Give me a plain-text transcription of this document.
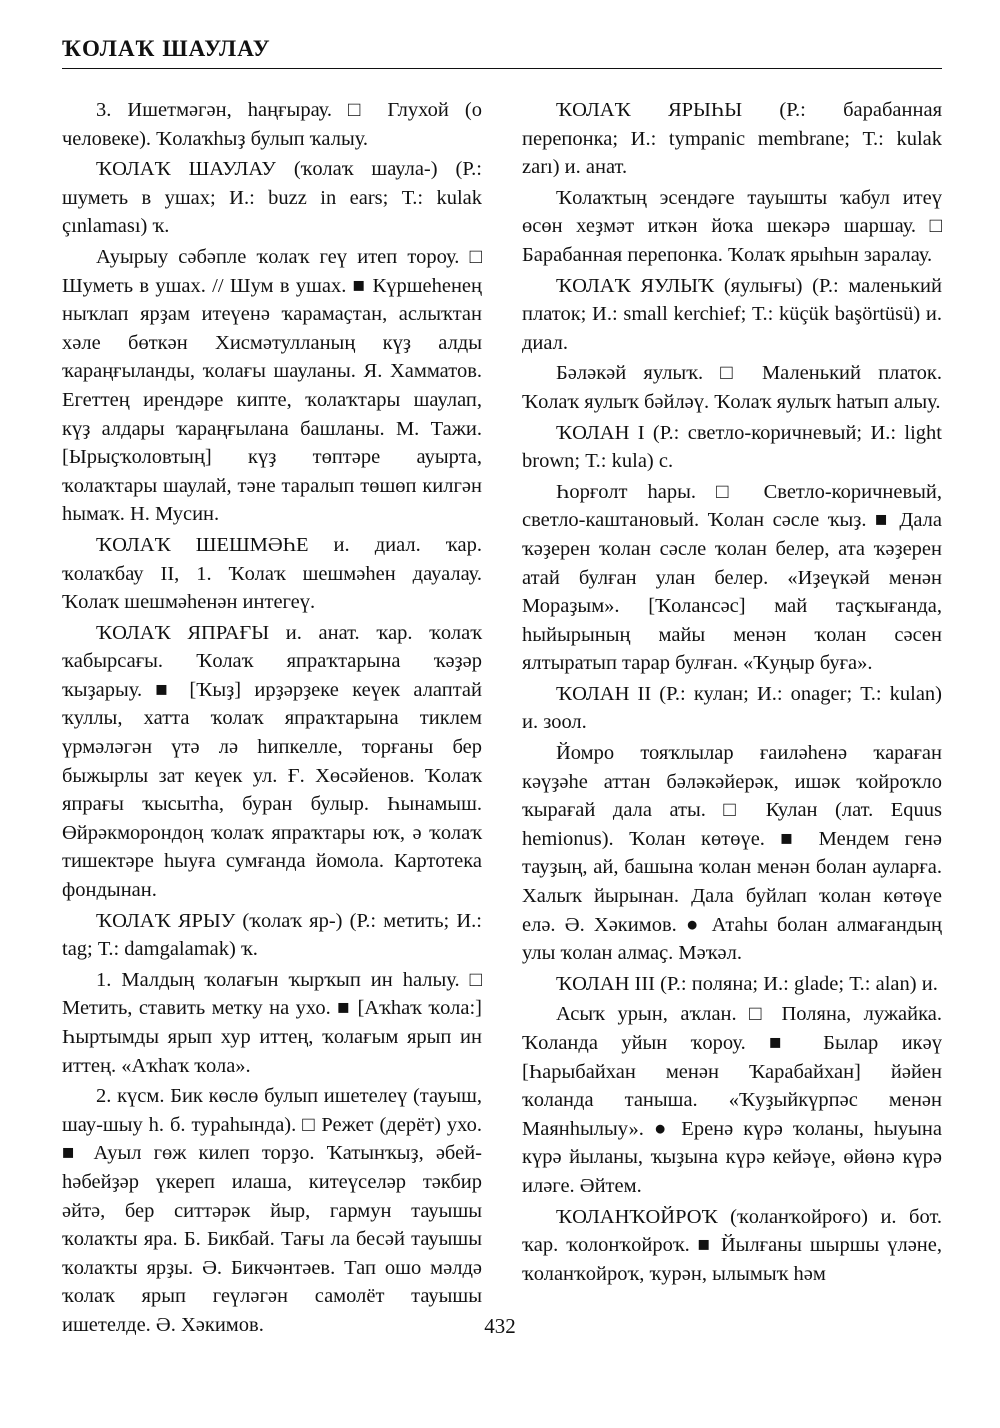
ҠОЛАҠ ШАУЛАУ

3. Ишетмәгән, һаңғырау. □ Глухой (о человеке). Ҡолаҡһыҙ булып ҡалыу.

ҠОЛАҠ ШАУЛАУ (ҡолаҡ шаула-) (Р.: шуметь в ушах; И.: buzz in ears; Т.: kulak çınlaması) ҡ.

Ауырыу сәбәпле ҡолаҡ геү итеп тороу. □ Шуметь в ушах. // Шум в ушах. ■ Күршеһенең ныҡлап ярҙам итеүенә ҡарамаҫтан, аслыҡтан хәле бөткән Хисмәтулланың күҙ алды ҡараңғыланды, ҡолағы шауланы. Я. Хамматов. Егеттең ирендәре кипте, ҡолаҡтары шаулап, күҙ алдары ҡараңғылана башланы. М. Тажи. [Ырыҫҡоловтың] күҙ төптәре ауырта, ҡолаҡтары шаулай, тәне таралып төшөп килгән һымаҡ. Н. Мусин.

ҠОЛАҠ ШЕШМӘҺЕ и. диал. ҡар. ҡолаҡбау II, 1. Ҡолаҡ шешмәһен дауалау. Ҡолаҡ шешмәһенән интегеү.

ҠОЛАҠ ЯПРАҒЫ и. анат. ҡар. ҡолаҡ ҡабырсағы. Ҡолаҡ япраҡтарына ҡәҙәр ҡыҙарыу. ■ [Ҡыҙ] ирҙәрҙеке кеүек алаптай ҡуллы, хатта ҡолаҡ япраҡтарына тиклем үрмәләгән үтә лә һипкелле, торғаны бер быжырлы зат кеүек ул. Ғ. Хөсәйенов. Ҡолаҡ япрағы ҡысытһа, буран булыр. Һынамыш. Өйрәкморондоң ҡолаҡ япраҡтары юҡ, ә ҡолаҡ тишектәре һыуға сумғанда йомола. Картотека фондынан.

ҠОЛАҠ ЯРЫУ (ҡолаҡ яр-) (Р.: метить; И.: tag; Т.: damgalamak) ҡ.

1. Малдың ҡолағын ҡырҡып ин һалыу. □ Метить, ставить метку на ухо. ■ [Аҡһаҡ ҡола:] Һыртымды ярып хур иттең, ҡолағым ярып ин иттең. «Аҡһаҡ ҡола».

2. күсм. Бик көслө булып ишетелеү (тауыш, шау-шыу һ. б. тураһында). □ Режет (дерёт) ухо. ■ Ауыл гөж килеп торҙо. Ҡатынҡыҙ, әбей-һәбейҙәр үкереп илаша, китеүселәр тәкбир әйтә, бер ситтәрәк йыр, гармун тауышы ҡолаҡты яра. Б. Бикбай. Тағы ла бесәй тауышы ҡолаҡты ярҙы. Ә. Бикчәнтәев. Тап ошо мәлдә ҡолаҡ ярып геүләгән самолёт тауышы ишетелде. Ә. Хәкимов.

ҠОЛАҠ ЯРЫҺЫ (Р.: барабанная перепонка; И.: tympanic membrane; Т.: kulak zarı) и. анат.

Ҡолаҡтың эсендәге тауышты ҡабул итеү өсөн хеҙмәт иткән йоҡа шекәрә шаршау. □ Барабанная перепонка. Ҡолаҡ ярыһын заралау.

ҠОЛАҠ ЯУЛЫҠ (яулығы) (Р.: маленький платок; И.: small kerchief; Т.: küçük başörtüsü) и. диал.

Бәләкәй яулыҡ. □ Маленький платок. Ҡолаҡ яулыҡ бәйләү. Ҡолаҡ яулыҡ һатып алыу.

ҠОЛАН I (Р.: светло-коричневый; И.: light brown; Т.: kula) с.

Һорғолт һары. □ Светло-коричневый, светло-каштановый. Ҡолан сәсле ҡыҙ. ■ Дала ҡәҙерен ҡолан сәсле ҡолан белер, ата ҡәҙерен атай булған улан белер. «Иҙеүкәй менән Мораҙым». [Ҡолансәс] май таҫҡығанда, һыйырының майы менән ҡолан сәсен ялтыратып тарар булған. «Ҡуңыр буға».

ҠОЛАН II (Р.: кулан; И.: onager; Т.: kulan) и. зоол.

Йомро тояҡлылар ғаиләһенә ҡараған кәүҙәһе аттан бәләкәйерәк, ишәк ҡойроҡло ҡырағай дала аты. □ Кулан (лат. Equus hemionus). Ҡолан көтөүе. ■ Мендем генә тауҙың, ай, башына ҡолан менән болан ауларға. Халыҡ йырынан. Дала буйлап ҡолан көтөүе елә. Ә. Хәкимов. ● Атаһы болан алмағандың улы ҡолан алмаҫ. Мәҡәл.

ҠОЛАН III (Р.: поляна; И.: glade; Т.: alan) и.

Асыҡ урын, аҡлан. □ Поляна, лужайка. Ҡоланда уйын ҡороу. ■ Былар икәү [Һарыбайхан менән Ҡарабайхан] йәйен ҡоланда танышa. «Ҡуҙыйкүрпәс менән Маянһылыу». ● Еренә күрә ҡоланы, һыуына күрә йыланы, ҡыҙына күрә кейәүе, өйөнә күрә иләге. Әйтем.

ҠОЛАНҠОЙРОҠ (ҡоланҡойроғо) и. бот. ҡар. ҡолонҡойроҡ. ■ Йылғаны шыршы үләне, ҡоланҡойроҡ, ҡурән, ылымыҡ һәм

432
